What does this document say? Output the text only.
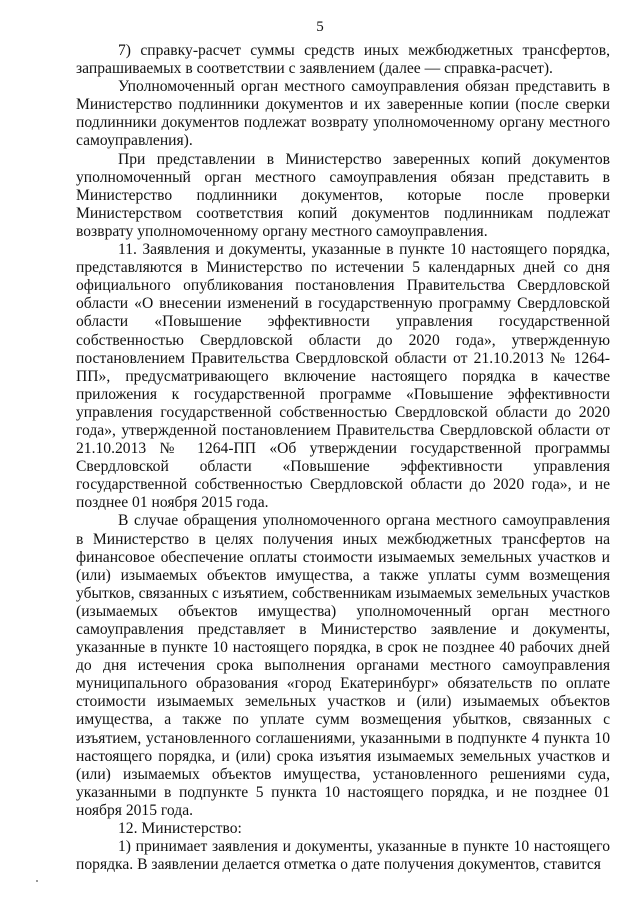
5

7) справку-расчет суммы средств иных межбюджетных трансфертов, запрашиваемых в соответствии с заявлением (далее — справка-расчет).

Уполномоченный орган местного самоуправления обязан представить в Министерство подлинники документов и их заверенные копии (после сверки подлинники документов подлежат возврату уполномоченному органу местного самоуправления).

При представлении в Министерство заверенных копий документов уполномоченный орган местного самоуправления обязан представить в Министерство подлинники документов, которые после проверки Министерством соответствия копий документов подлинникам подлежат возврату уполномоченному органу местного самоуправления.

11. Заявления и документы, указанные в пункте 10 настоящего порядка, представляются в Министерство по истечении 5 календарных дней со дня официального опубликования постановления Правительства Свердловской области «О внесении изменений в государственную программу Свердловской области «Повышение эффективности управления государственной собственностью Свердловской области до 2020 года», утвержденную постановлением Правительства Свердловской области от 21.10.2013 № 1264-ПП», предусматривающего включение настоящего порядка в качестве приложения к государственной программе «Повышение эффективности управления государственной собственностью Свердловской области до 2020 года», утвержденной постановлением Правительства Свердловской области от 21.10.2013 № 1264-ПП «Об утверждении государственной программы Свердловской области «Повышение эффективности управления государственной собственностью Свердловской области до 2020 года», и не позднее 01 ноября 2015 года.

В случае обращения уполномоченного органа местного самоуправления в Министерство в целях получения иных межбюджетных трансфертов на финансовое обеспечение оплаты стоимости изымаемых земельных участков и (или) изымаемых объектов имущества, а также уплаты сумм возмещения убытков, связанных с изъятием, собственникам изымаемых земельных участков (изымаемых объектов имущества) уполномоченный орган местного самоуправления представляет в Министерство заявление и документы, указанные в пункте 10 настоящего порядка, в срок не позднее 40 рабочих дней до дня истечения срока выполнения органами местного самоуправления муниципального образования «город Екатеринбург» обязательств по оплате стоимости изымаемых земельных участков и (или) изымаемых объектов имущества, а также по уплате сумм возмещения убытков, связанных с изъятием, установленного соглашениями, указанными в подпункте 4 пункта 10 настоящего порядка, и (или) срока изъятия изымаемых земельных участков и (или) изымаемых объектов имущества, установленного решениями суда, указанными в подпункте 5 пункта 10 настоящего порядка, и не позднее 01 ноября 2015 года.

12. Министерство:

1) принимает заявления и документы, указанные в пункте 10 настоящего порядка. В заявлении делается отметка о дате получения документов, ставится
